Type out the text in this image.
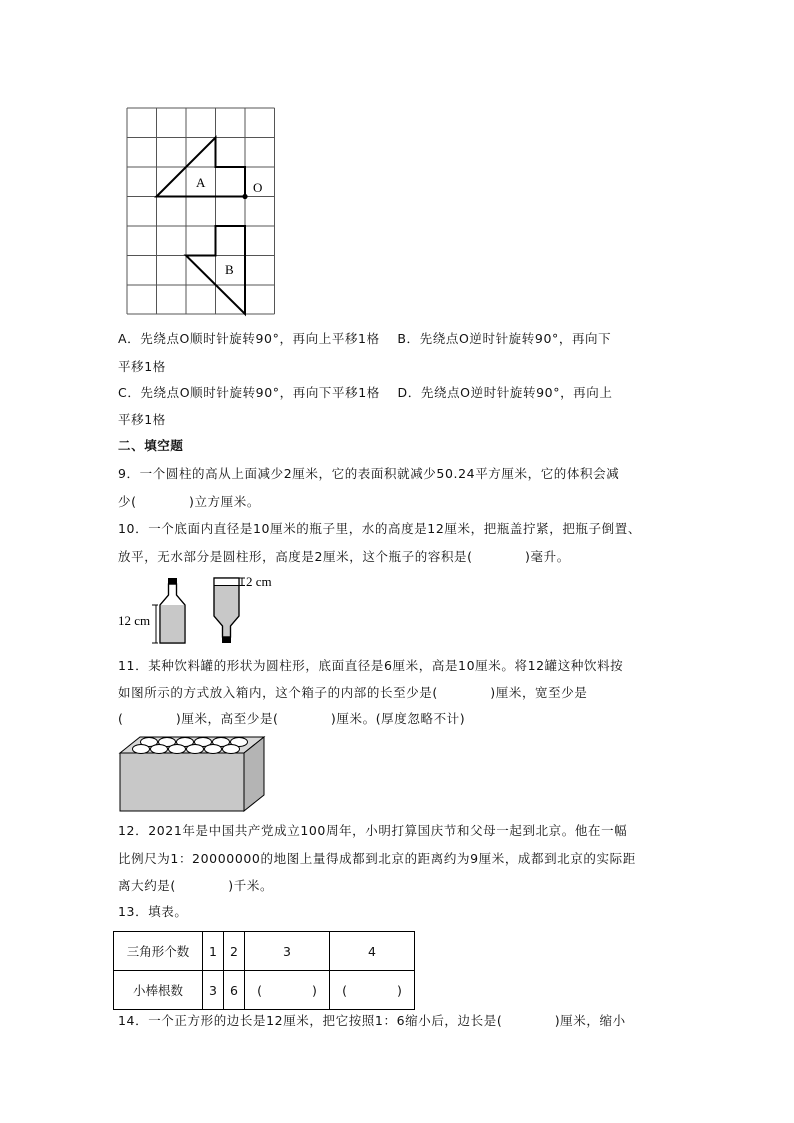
A
B
O
A．先绕点O顺时针旋转90°，再向上平移1格　 B．先绕点O逆时针旋转90°，再向下
平移1格
C．先绕点O顺时针旋转90°，再向下平移1格　 D．先绕点O逆时针旋转90°，再向上
平移1格
二、填空题
9．一个圆柱的高从上面减少2厘米，它的表面积就减少50.24平方厘米，它的体积会减
少(　　　　)立方厘米。
10．一个底面内直径是10厘米的瓶子里，水的高度是12厘米，把瓶盖拧紧，把瓶子倒置、
放平，无水部分是圆柱形，高度是2厘米，这个瓶子的容积是(　　　　)毫升。
12 cm
2 cm
11．某种饮料罐的形状为圆柱形，底面直径是6厘米，高是10厘米。将12罐这种饮料按
如图所示的方式放入箱内，这个箱子的内部的长至少是(　　　　)厘米，宽至少是
(　　　　)厘米，高至少是(　　　　)厘米。(厚度忽略不计)
12．2021年是中国共产党成立100周年，小明打算国庆节和父母一起到北京。他在一幅
比例尺为1：20000000的地图上量得成都到北京的距离约为9厘米，成都到北京的实际距
离大约是(　　　　)千米。
13．填表。
三角形个数	1	2	3	4
小棒根数	3	6	(　　　　)	(　　　　)
14．一个正方形的边长是12厘米，把它按照1：6缩小后，边长是(　　　　)厘米，缩小
